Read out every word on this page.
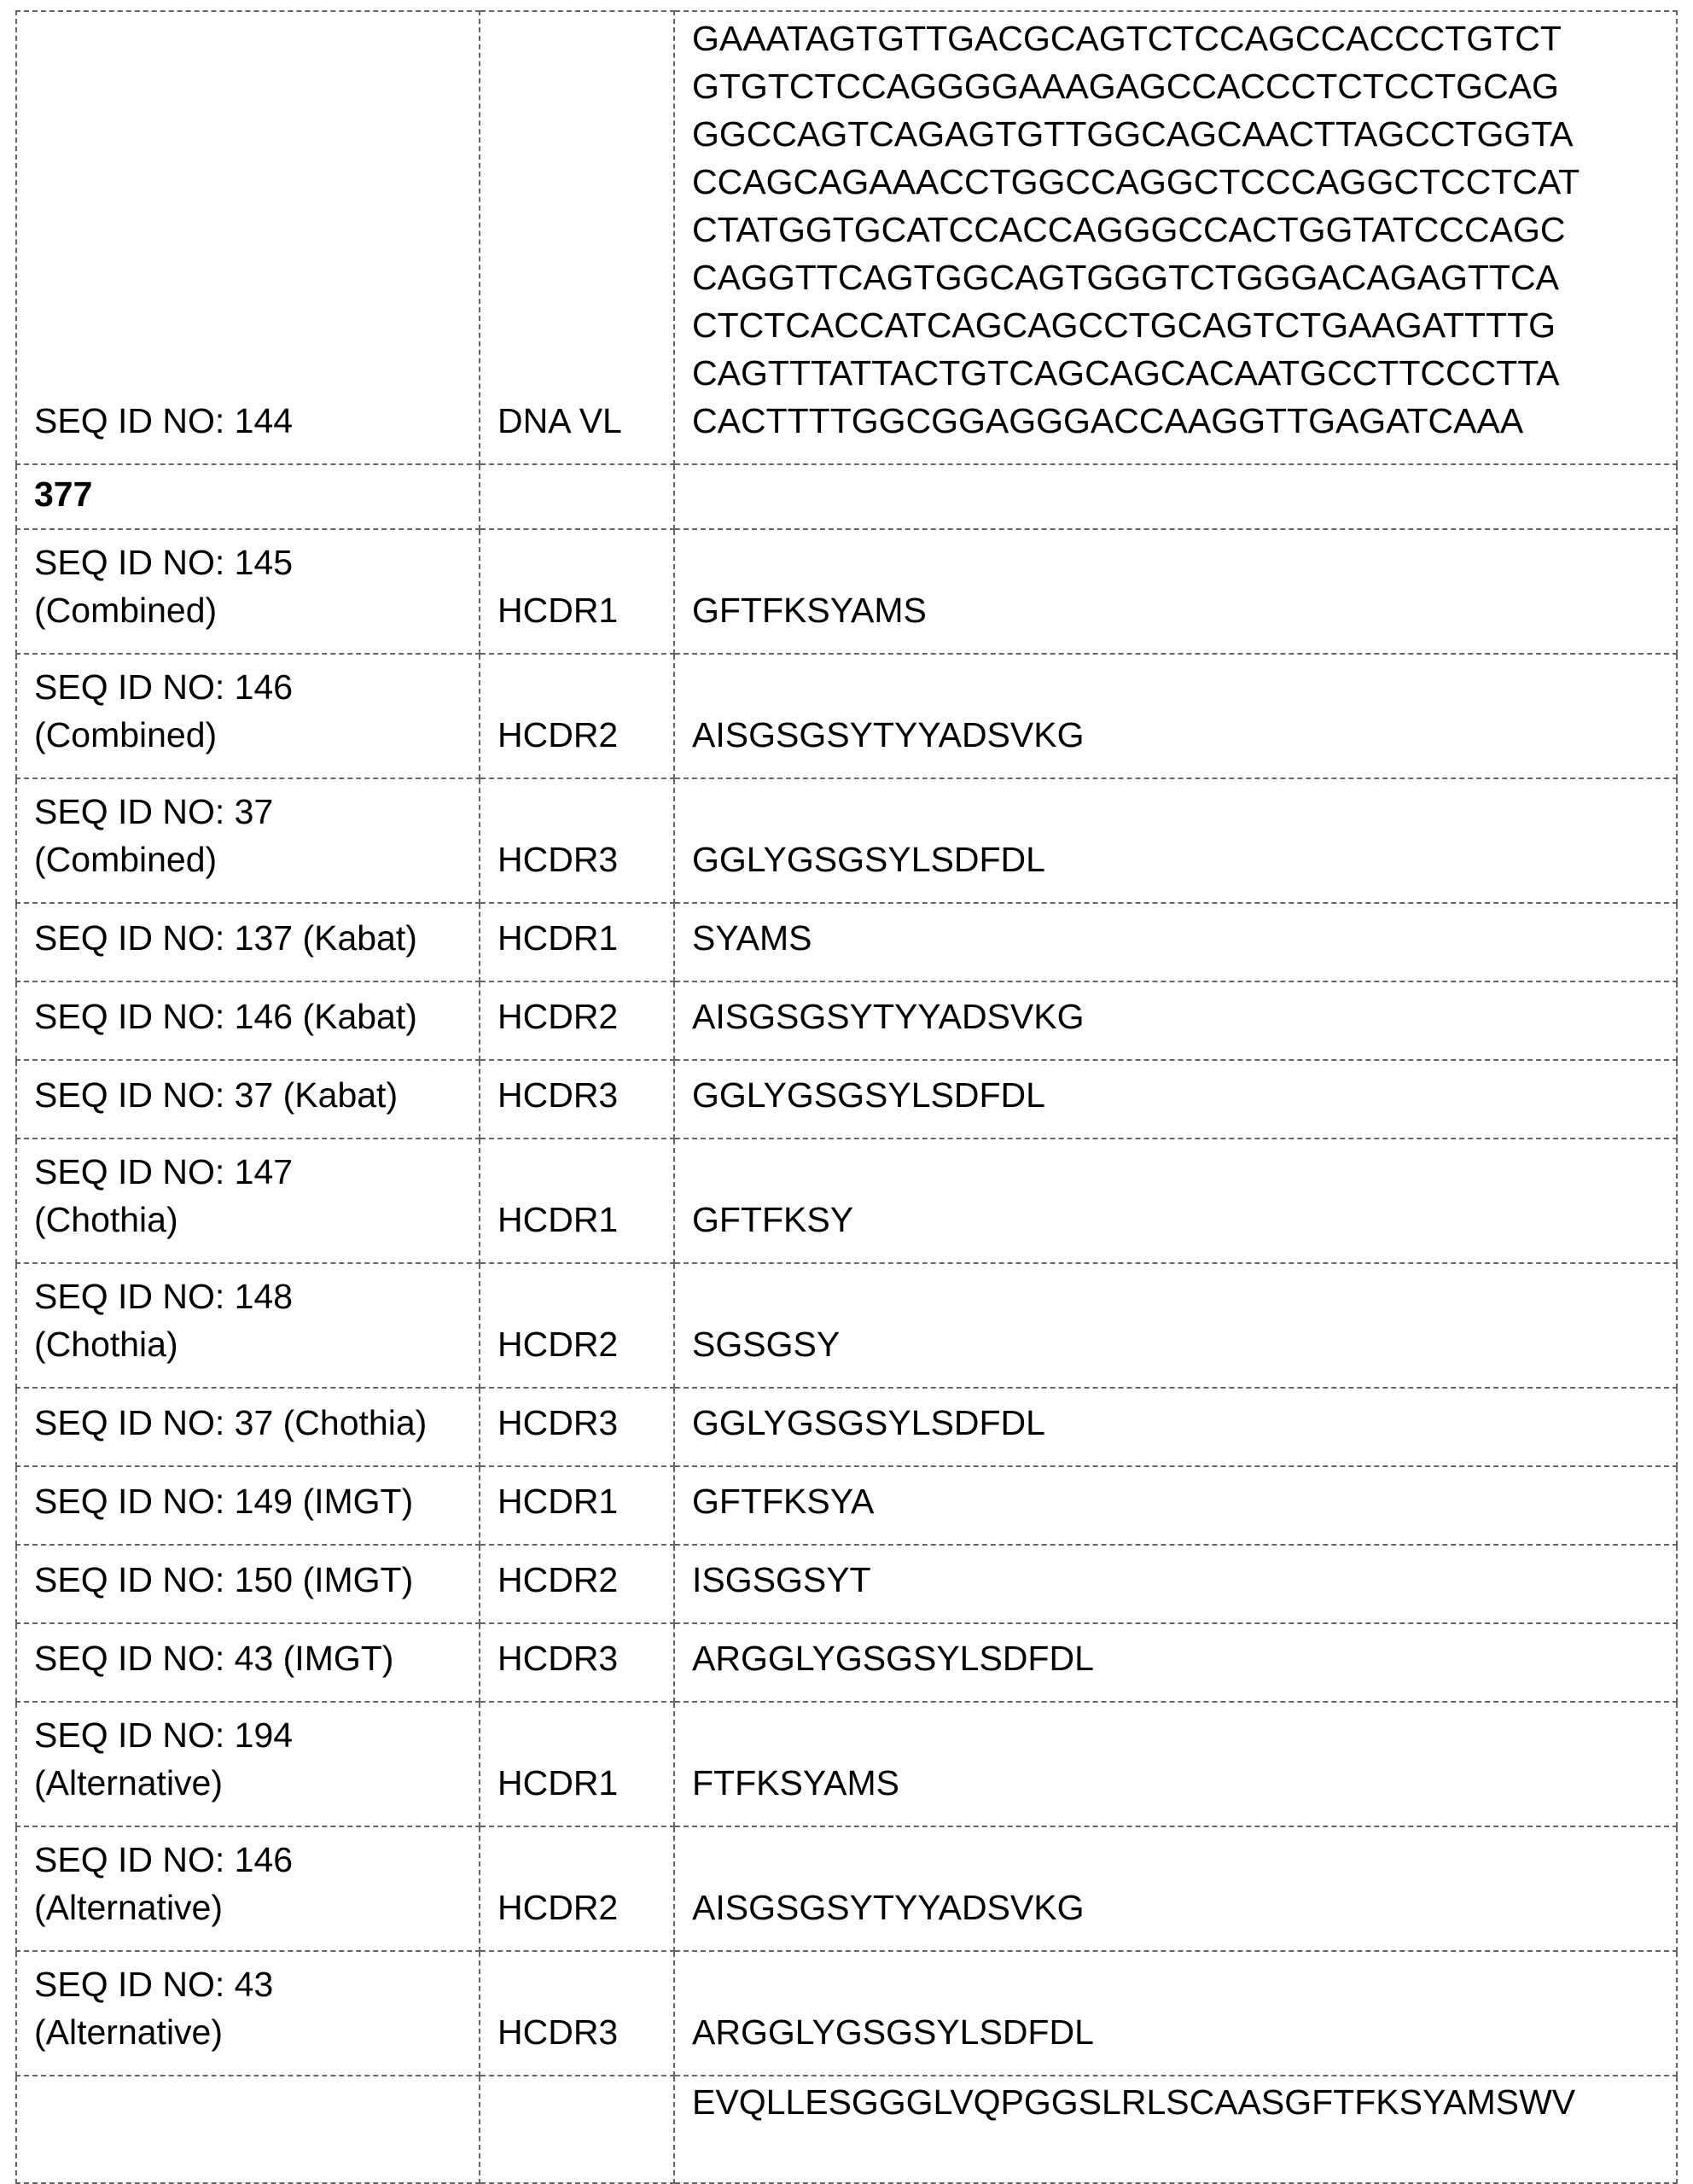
SEQ ID NO: 144	DNA VL	
GAAATAGTGTTGACGCAGTCTCCAGCCACCCTGTCT
GTGTCTCCAGGGGAAAGAGCCACCCTCTCCTGCAG
GGCCAGTCAGAGTGTTGGCAGCAACTTAGCCTGGTA
CCAGCAGAAACCTGGCCAGGCTCCCAGGCTCCTCAT
CTATGGTGCATCCACCAGGGCCACTGGTATCCCAGC
CAGGTTCAGTGGCAGTGGGTCTGGGACAGAGTTCA
CTCTCACCATCAGCAGCCTGCAGTCTGAAGATTTTG
CAGTTTATTACTGTCAGCAGCACAATGCCTTCCCTTA
CACTTTTGGCGGAGGGACCAAGGTTGAGATCAAA

377		

SEQ ID NO: 145
(Combined)	HCDR1	GFTFKSYAMS

SEQ ID NO: 146
(Combined)	HCDR2	AISGSGSYTYYADSVKG

SEQ ID NO: 37
(Combined)	HCDR3	GGLYGSGSYLSDFDL

SEQ ID NO: 137 (Kabat)	HCDR1	SYAMS

SEQ ID NO: 146 (Kabat)	HCDR2	AISGSGSYTYYADSVKG

SEQ ID NO: 37 (Kabat)	HCDR3	GGLYGSGSYLSDFDL

SEQ ID NO: 147
(Chothia)	HCDR1	GFTFKSY

SEQ ID NO: 148
(Chothia)	HCDR2	SGSGSY

SEQ ID NO: 37 (Chothia)	HCDR3	GGLYGSGSYLSDFDL

SEQ ID NO: 149 (IMGT)	HCDR1	GFTFKSYA

SEQ ID NO: 150 (IMGT)	HCDR2	ISGSGSYT

SEQ ID NO: 43 (IMGT)	HCDR3	ARGGLYGSGSYLSDFDL

SEQ ID NO: 194
(Alternative)	HCDR1	FTFKSYAMS

SEQ ID NO: 146
(Alternative)	HCDR2	AISGSGSYTYYADSVKG

SEQ ID NO: 43
(Alternative)	HCDR3	ARGGLYGSGSYLSDFDL
		EVQLLESGGGLVQPGGSLRLSCAASGFTFKSYAMSWV
